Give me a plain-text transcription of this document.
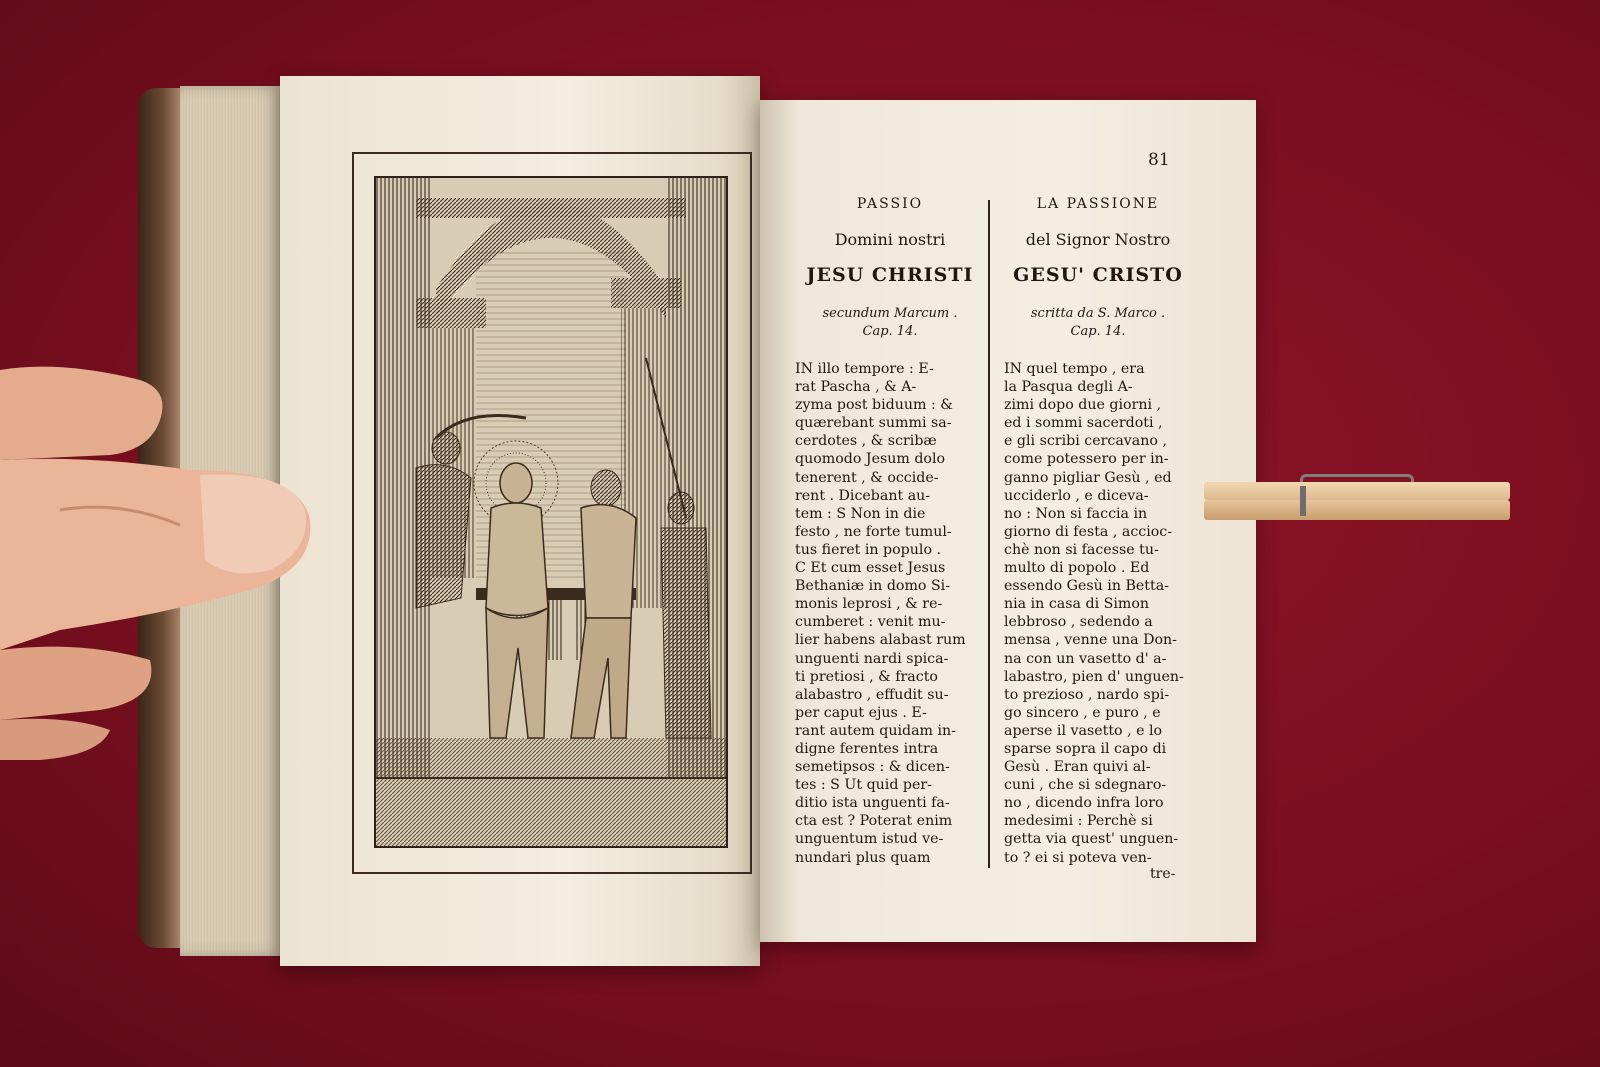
81
PASSIO
Domini nostri
JESU CHRISTI
secundum Marcum .
Cap. 14.
LA PASSIONE
del Signor Nostro
GESU' CRISTO
scritta da S. Marco .
Cap. 14.
IN illo tempore : E-
rat Pascha , & A-
zyma post biduum : &
quærebant summi sa-
cerdotes , & scribæ
quomodo Jesum dolo
tenerent , & occide-
rent . Dicebant au-
tem : S Non in die
festo , ne forte tumul-
tus fieret in populo .
C Et cum esset Jesus
Bethaniæ in domo Si-
monis leprosi , & re-
cumberet : venit mu-
lier habens alabast rum
unguenti nardi spica-
ti pretiosi , & fracto
alabastro , effudit su-
per caput ejus . E-
rant autem quidam in-
digne ferentes intra
semetipsos : & dicen-
tes : S Ut quid per-
ditio ista unguenti fa-
cta est ? Poterat enim
unguentum istud ve-
nundari plus quam
IN quel tempo , era
la Pasqua degli A-
zimi dopo due giorni ,
ed i sommi sacerdoti ,
e gli scribi cercavano ,
come potessero per in-
ganno pigliar Gesù , ed
ucciderlo , e diceva-
no : Non si faccia in
giorno di festa , accioc-
chè non si facesse tu-
multo di popolo . Ed
essendo Gesù in Betta-
nia in casa di Simon
lebbroso , sedendo a
mensa , venne una Don-
na con un vasetto d' a-
labastro, pien d' unguen-
to prezioso , nardo spi-
go sincero , e puro , e
aperse il vasetto , e lo
sparse sopra il capo di
Gesù . Eran quivi al-
cuni , che si sdegnaro-
no , dicendo infra loro
medesimi : Perchè si
getta via quest' unguen-
to ? ei si poteva ven-
tre-
